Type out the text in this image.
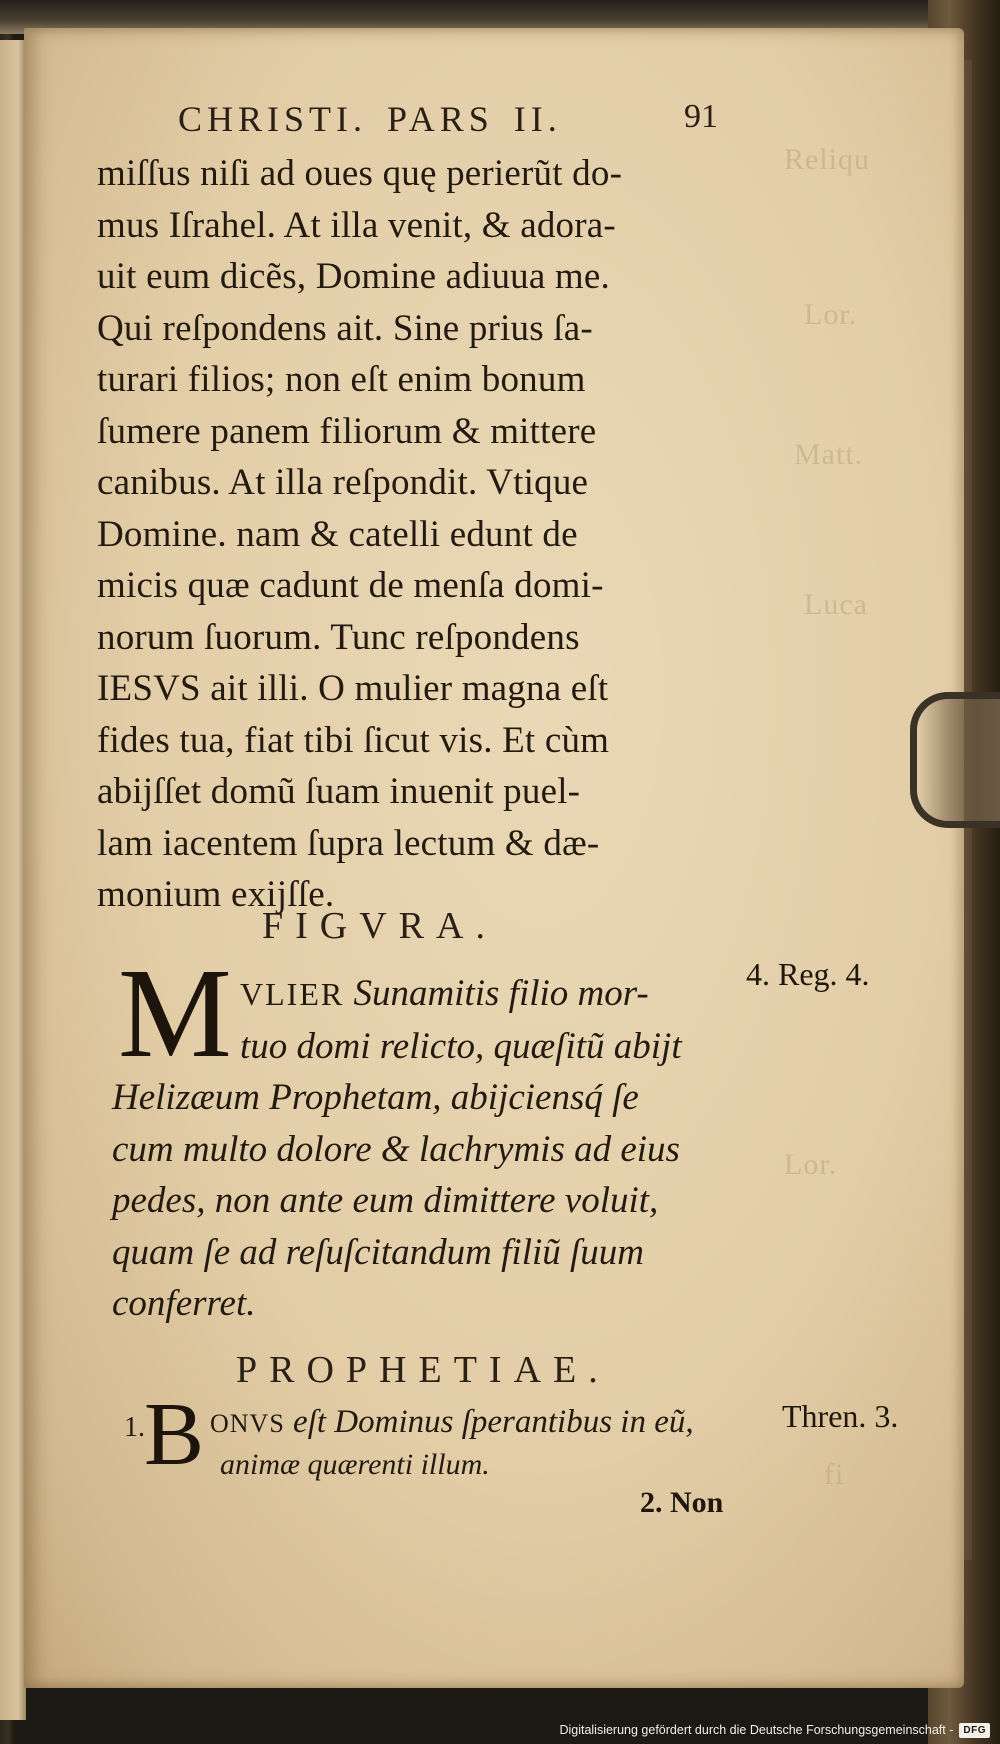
Reliqu
Lor.
Matt.
Luca
Lor.
fi
CHRISTI. PARS II.	91
miſſus niſi ad oues quę perierũt do-
mus Iſrahel. At illa venit, & adora-
uit eum dicẽs, Domine adiuua me.
Qui reſpondens ait. Sine prius ſa-
turari filios; non eſt enim bonum
ſumere panem filiorum & mittere
canibus. At illa reſpondit. Vtique
Domine. nam & catelli edunt de
micis quæ cadunt de menſa domi-
norum ſuorum. Tunc reſpondens
IESVS ait illi. O mulier magna eſt
fides tua, fiat tibi ſicut vis. Et cùm
abijſſet domũ ſuam inuenit puel-
lam iacentem ſupra lectum & dæ-
monium exijſſe.
FIGVRA.
M VLIER Sunamitis filio mor-
tuo domi relicto, quæſitũ abijt
Helizæum Prophetam, abijciensq́ ſe
cum multo dolore & lachrymis ad eius
pedes, non ante eum dimittere voluit,
quam ſe ad reſuſcitandum filiũ ſuum
conferret.
4. Reg. 4.
PROPHETIAE.
1. B ONVS eſt Dominus ſperantibus in eũ,
animæ quærenti illum.
Thren. 3.
2. Non
Digitalisierung gefördert durch die Deutsche Forschungsgemeinschaft -	DFG
